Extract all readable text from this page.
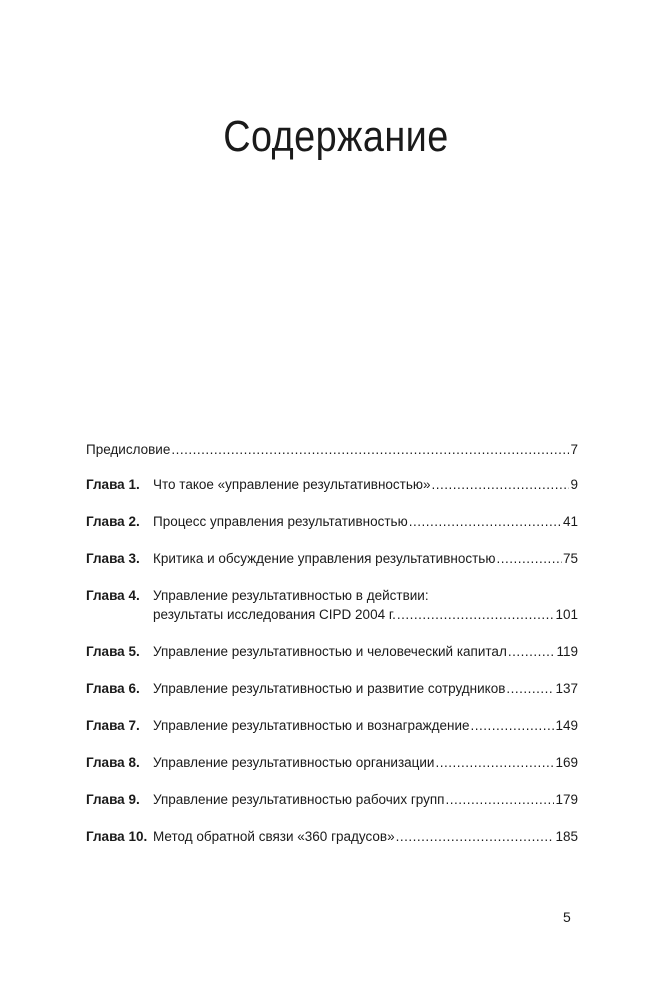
Содержание
Предисловие .....	7
Глава 1. Что такое «управление результативностью» .....	9
Глава 2. Процесс управления результативностью .....	41
Глава 3. Критика и обсуждение управления результативностью .....	75
Глава 4. Управление результативностью в действии:
результаты исследования CIPD 2004 г. .....	101
Глава 5. Управление результативностью и человеческий капитал .....	119
Глава 6. Управление результативностью и развитие сотрудников .....	137
Глава 7. Управление результативностью и вознаграждение .....	149
Глава 8. Управление результативностью организации .....	169
Глава 9. Управление результативностью рабочих групп .....	179
Глава 10. Метод обратной связи «360 градусов» .....	185
5
